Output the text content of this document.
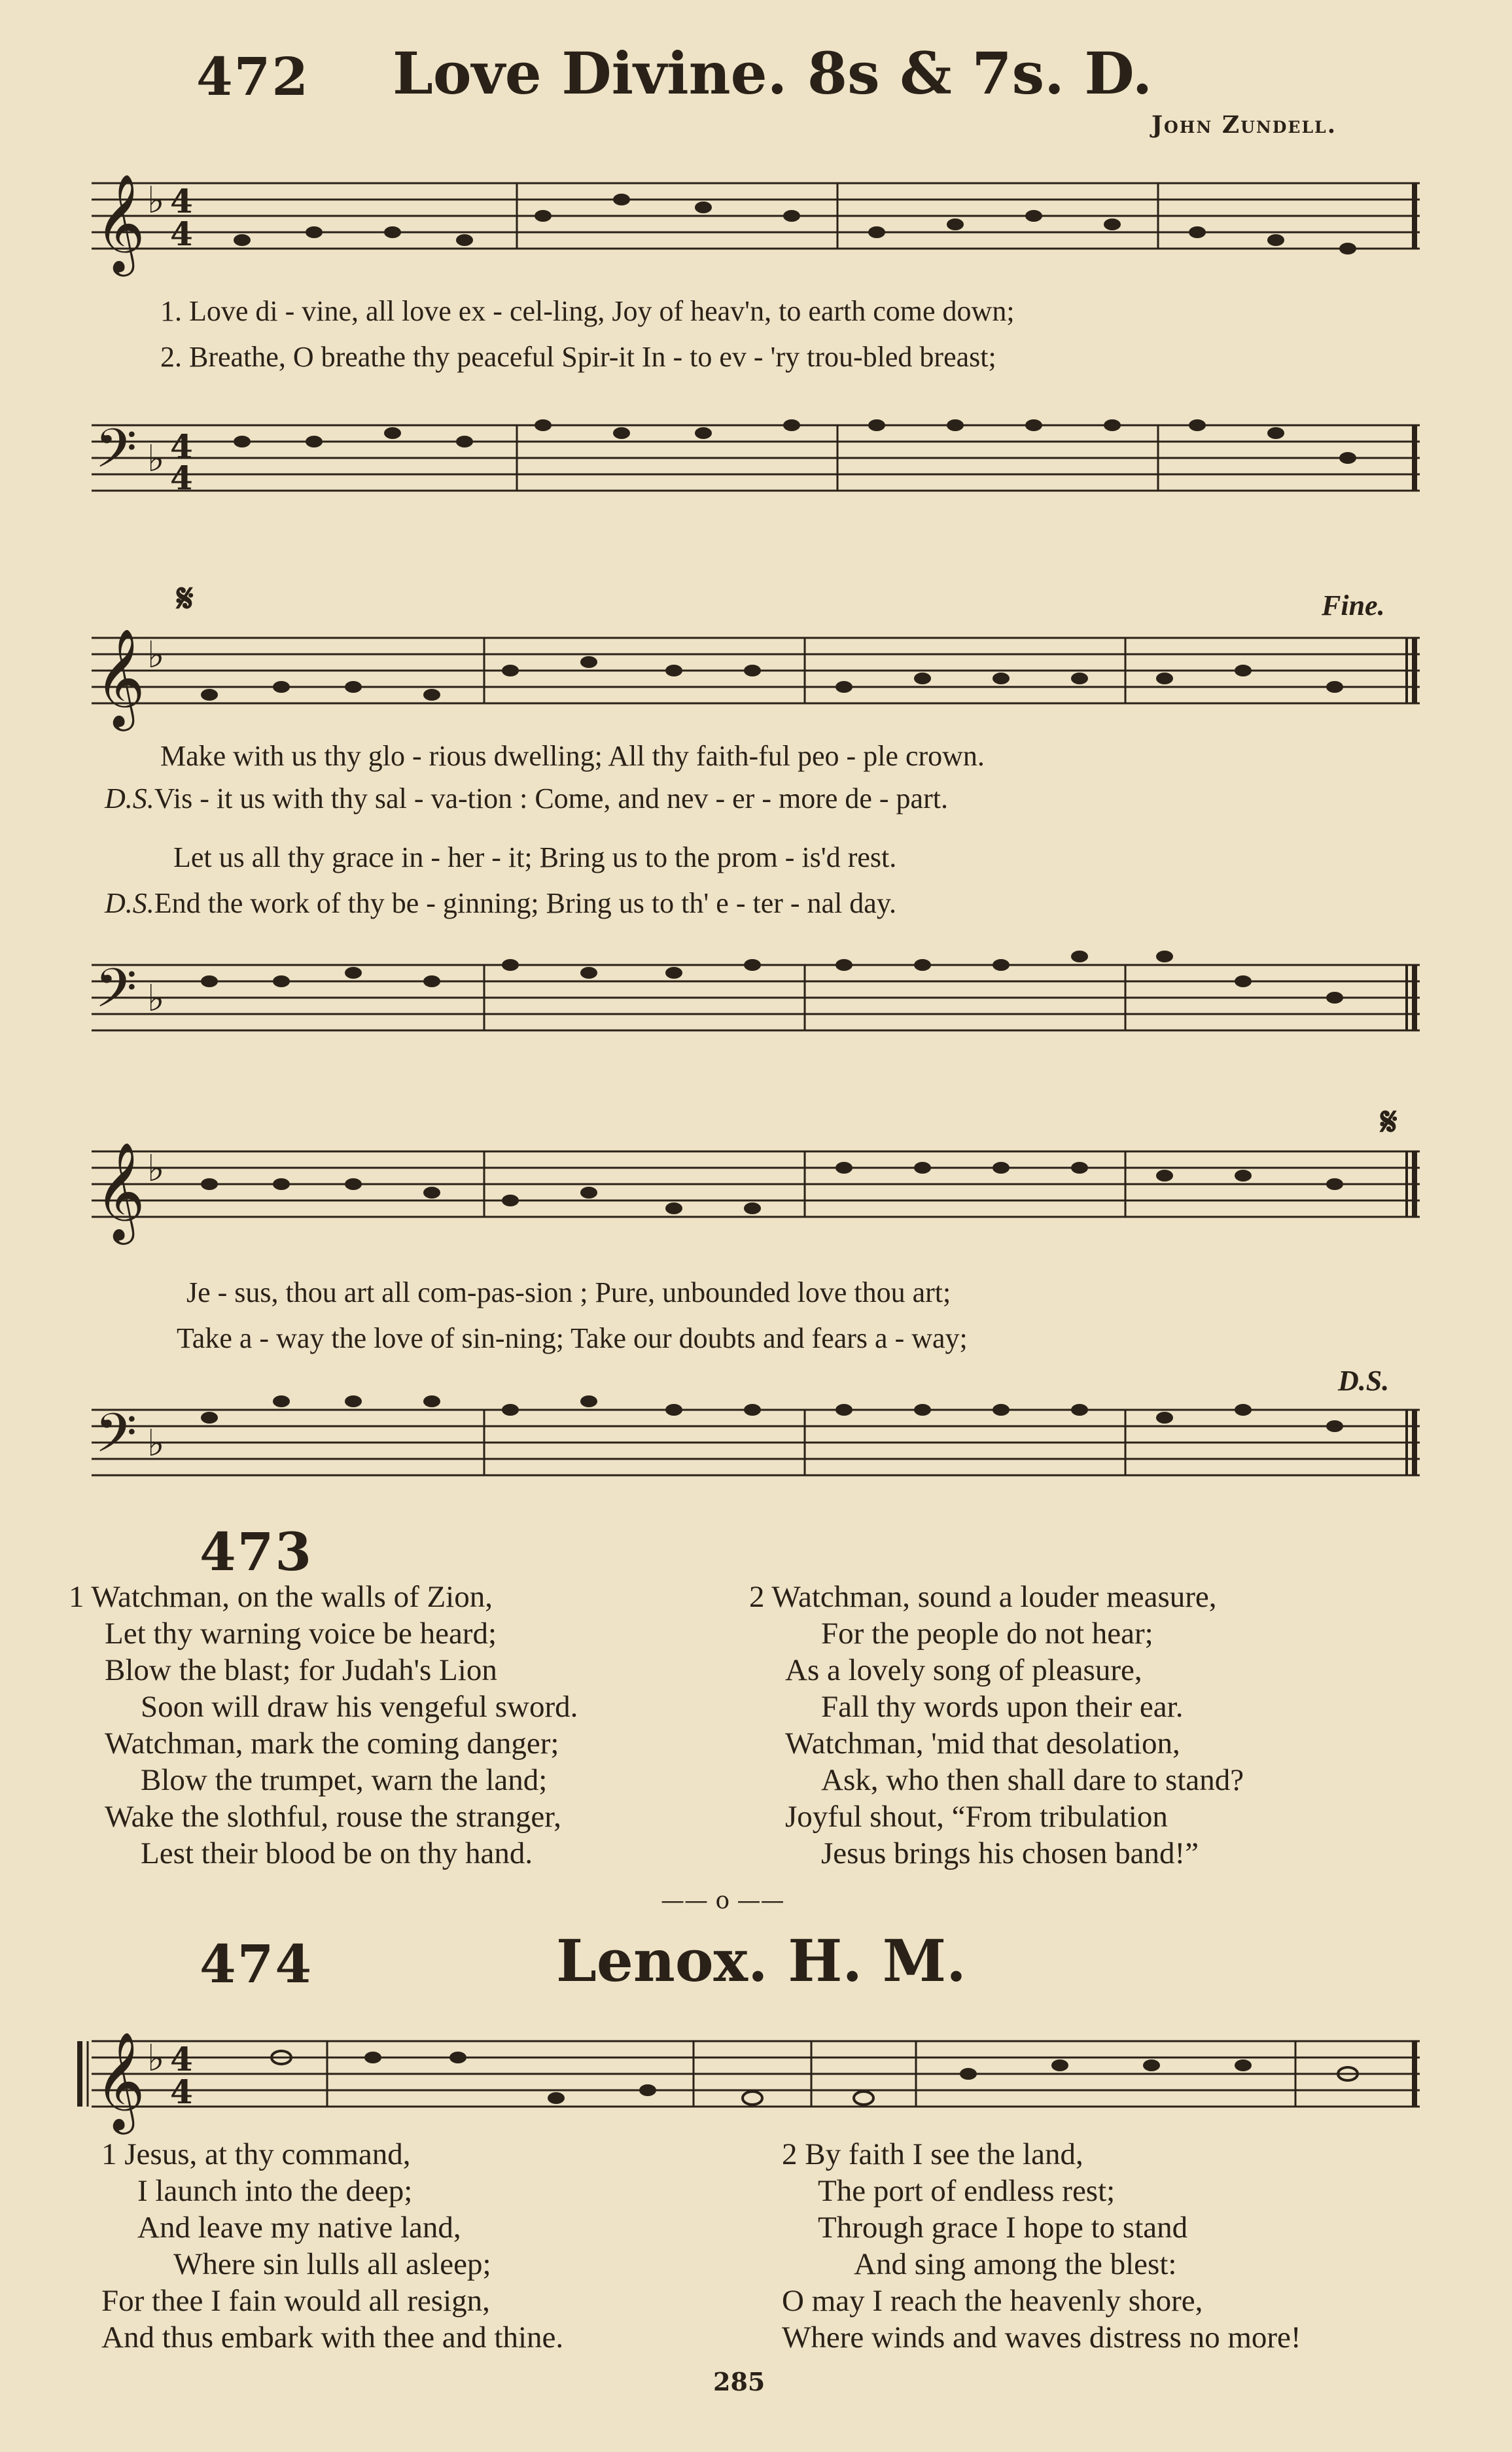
472 Love Divine. 8s & 7s. D.
John Zundell.
𝄞 ♭ 4
4
1. Love di - vine, all love ex - cel-ling, Joy of heav'n, to earth come down;
2. Breathe, O breathe thy peaceful Spir-it In - to ev - 'ry trou-bled breast;
𝄢 ♭ 4
4
𝄋	Fine.
𝄞 ♭
Make with us thy glo - rious dwelling; All thy faith-ful peo - ple crown.
D.S.Vis - it us with thy sal - va-tion : Come, and nev - er - more de - part.
Let us all thy grace in - her - it; Bring us to the prom - is'd rest.
D.S.End the work of thy be - ginning; Bring us to th' e - ter - nal day.
𝄢 ♭
𝄋
𝄞 ♭
Je - sus, thou art all com-pas-sion ; Pure, unbounded love thou art;
Take a - way the love of sin-ning; Take our doubts and fears a - way;
D.S.
𝄢 ♭
473
1 Watchman, on the walls of Zion,
Let thy warning voice be heard;
Blow the blast; for Judah's Lion
Soon will draw his vengeful sword.
Watchman, mark the coming danger;
Blow the trumpet, warn the land;
Wake the slothful, rouse the stranger,
Lest their blood be on thy hand.
2 Watchman, sound a louder measure,
For the people do not hear;
As a lovely song of pleasure,
Fall thy words upon their ear.
Watchman, 'mid that desolation,
Ask, who then shall dare to stand?
Joyful shout, “From tribulation
Jesus brings his chosen band!”
—— o ——
474	Lenox. H. M.
𝄞 ♭ 4
4
1 Jesus, at thy command,
I launch into the deep;
And leave my native land,
Where sin lulls all asleep;
For thee I fain would all resign,
And thus embark with thee and thine.
2 By faith I see the land,
The port of endless rest;
Through grace I hope to stand
And sing among the blest:
O may I reach the heavenly shore,
Where winds and waves distress no more!
285
